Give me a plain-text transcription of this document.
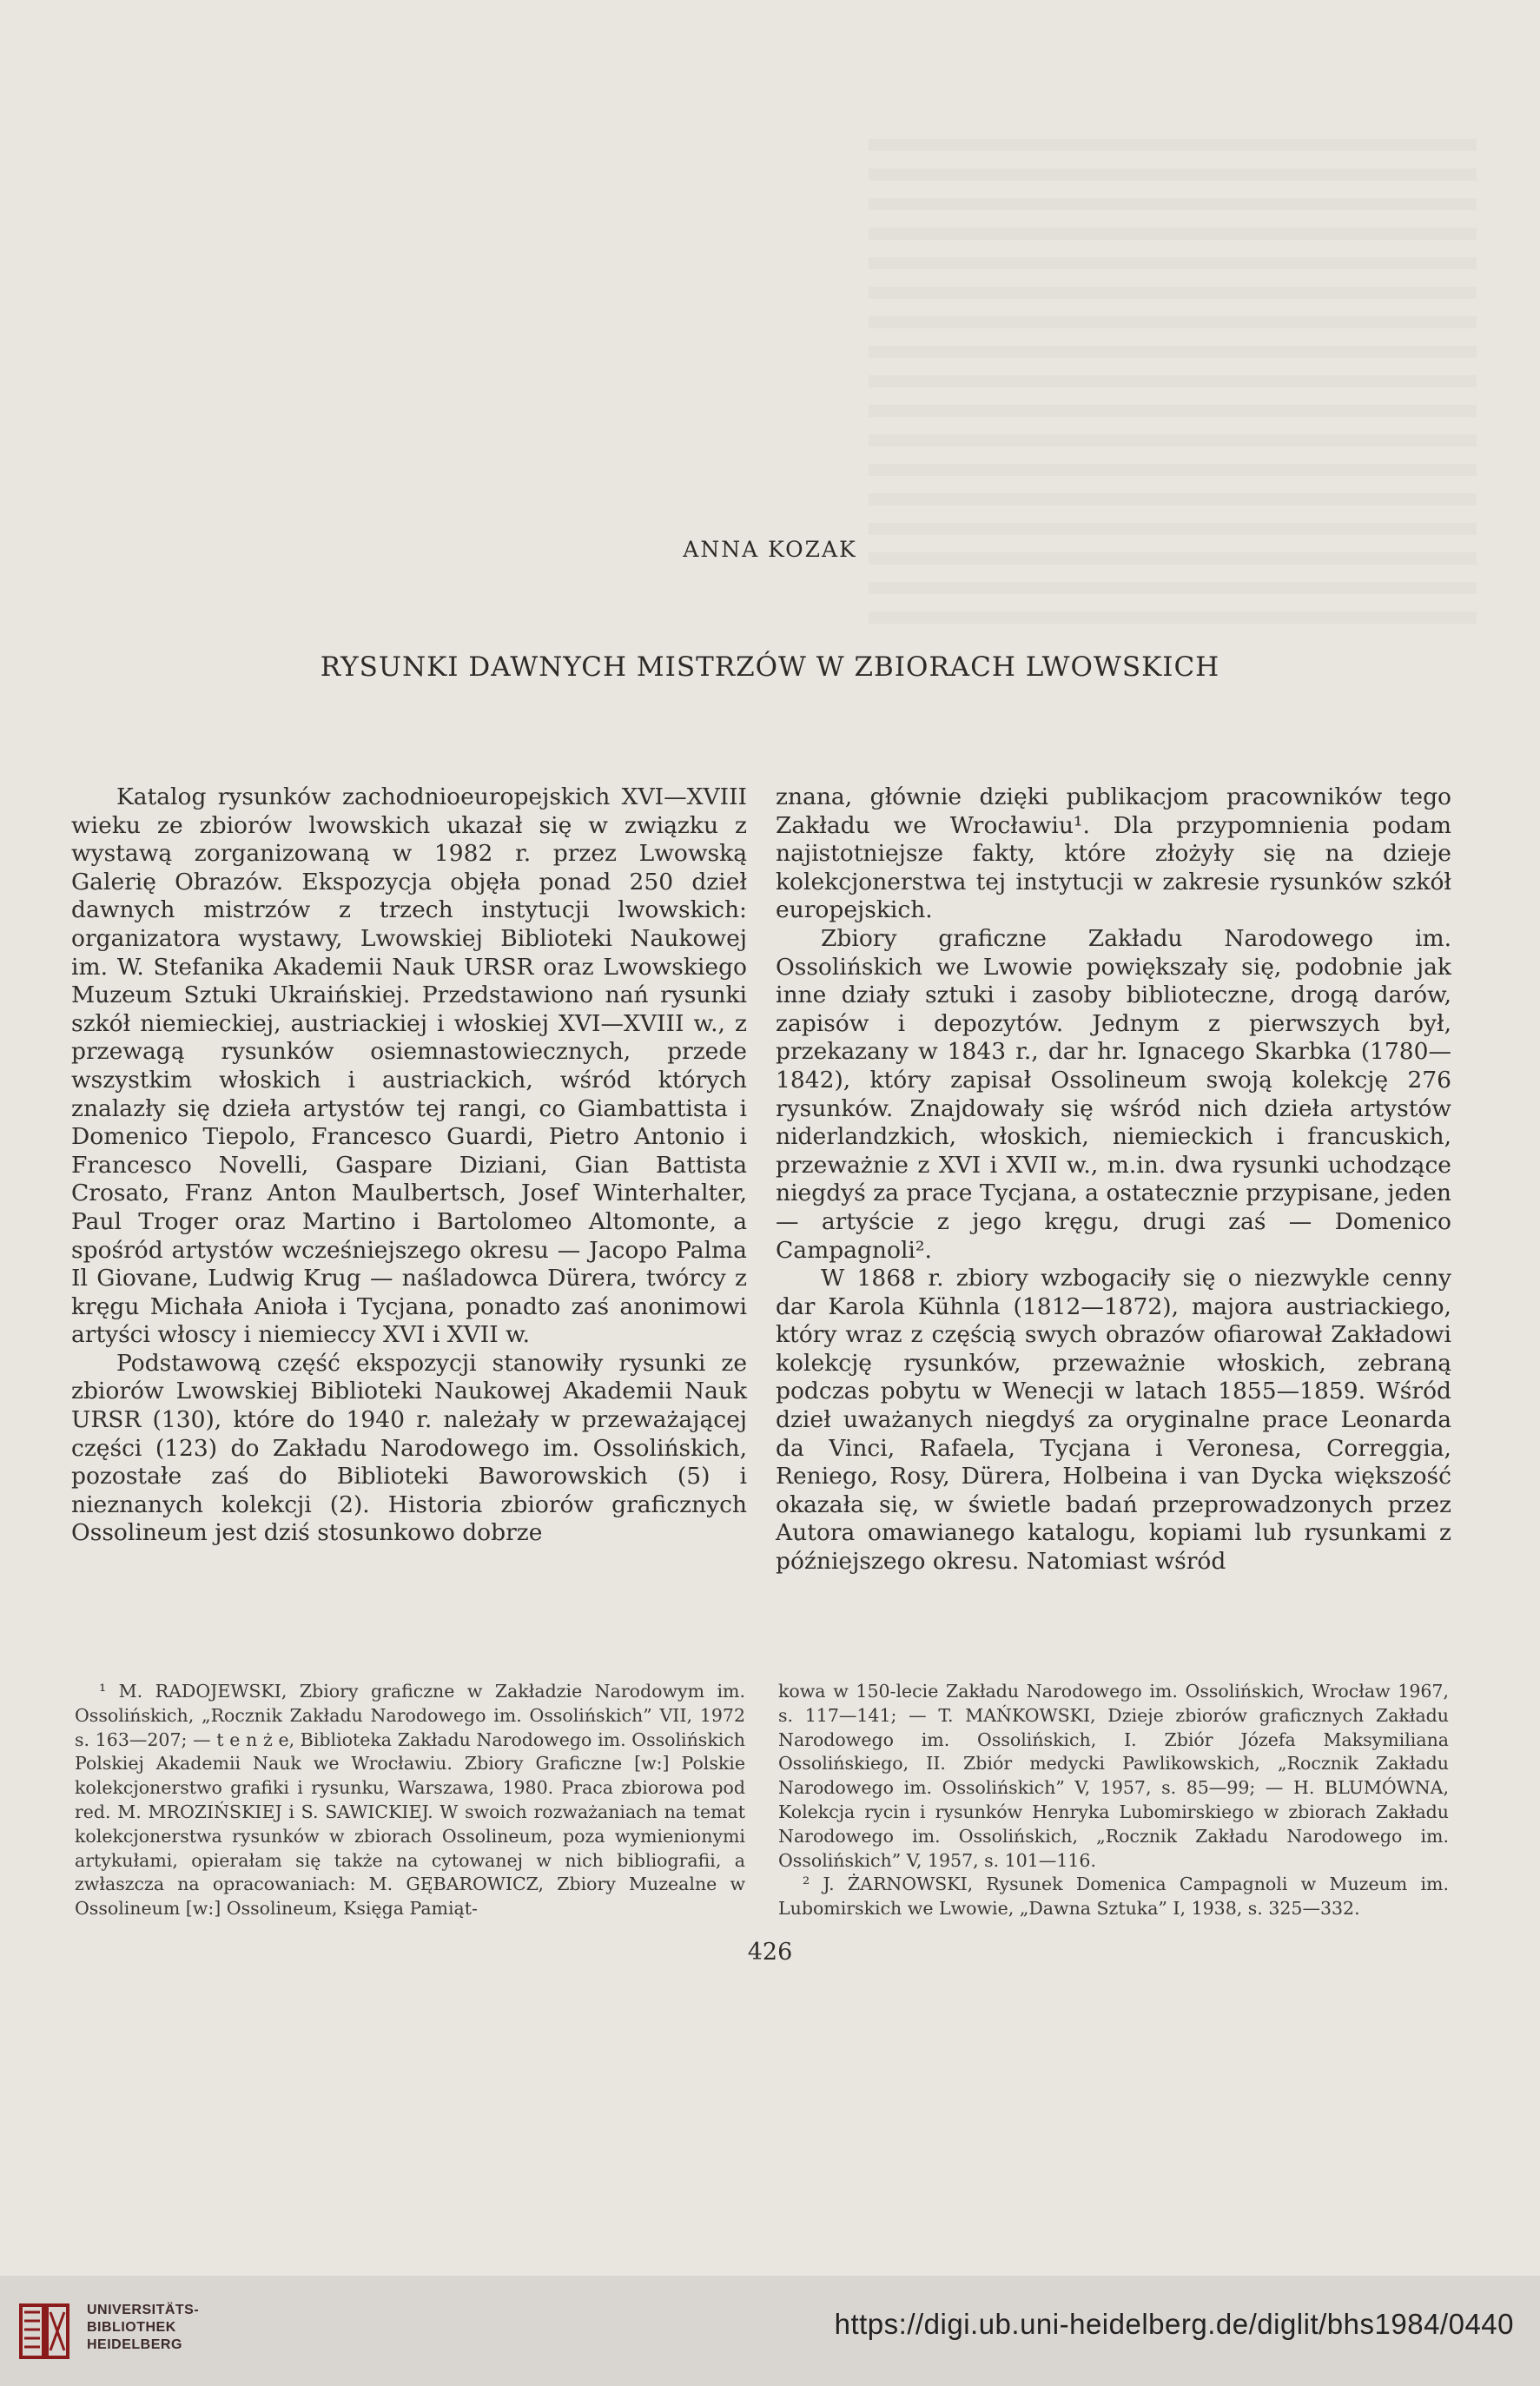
ANNA KOZAK
RYSUNKI DAWNYCH MISTRZÓW W ZBIORACH LWOWSKICH

Katalog rysunków zachodnioeuropejskich XVI—XVIII wieku ze zbiorów lwowskich ukazał się w związku z wystawą zorganizowaną w 1982 r. przez Lwowską Galerię Obrazów. Ekspozycja objęła ponad 250 dzieł dawnych mistrzów z trzech instytucji lwowskich: organizatora wystawy, Lwowskiej Biblioteki Naukowej im. W. Stefanika Akademii Nauk URSR oraz Lwowskiego Muzeum Sztuki Ukraińskiej. Przedstawiono nań rysunki szkół niemieckiej, austriackiej i włoskiej XVI—XVIII w., z przewagą rysunków osiemnastowiecznych, przede wszystkim włoskich i austriackich, wśród których znalazły się dzieła artystów tej rangi, co Giambattista i Domenico Tiepolo, Francesco Guardi, Pietro Antonio i Francesco Novelli, Gaspare Diziani, Gian Battista Crosato, Franz Anton Maulbertsch, Josef Winterhalter, Paul Troger oraz Martino i Bartolomeo Altomonte, a spośród artystów wcześniejszego okresu — Jacopo Palma Il Giovane, Ludwig Krug — naśladowca Dürera, twórcy z kręgu Michała Anioła i Tycjana, ponadto zaś anonimowi artyści włoscy i niemieccy XVI i XVII w.

Podstawową część ekspozycji stanowiły rysunki ze zbiorów Lwowskiej Biblioteki Naukowej Akademii Nauk URSR (130), które do 1940 r. należały w przeważającej części (123) do Zakładu Narodowego im. Ossolińskich, pozostałe zaś do Biblioteki Baworowskich (5) i nieznanych kolekcji (2). Historia zbiorów graficznych Ossolineum jest dziś stosunkowo dobrze

znana, głównie dzięki publikacjom pracowników tego Zakładu we Wrocławiu¹. Dla przypomnienia podam najistotniejsze fakty, które złożyły się na dzieje kolekcjonerstwa tej instytucji w zakresie rysunków szkół europejskich.

Zbiory graficzne Zakładu Narodowego im. Ossolińskich we Lwowie powiększały się, podobnie jak inne działy sztuki i zasoby biblioteczne, drogą darów, zapisów i depozytów. Jednym z pierwszych był, przekazany w 1843 r., dar hr. Ignacego Skarbka (1780—1842), który zapisał Ossolineum swoją kolekcję 276 rysunków. Znajdowały się wśród nich dzieła artystów niderlandzkich, włoskich, niemieckich i francuskich, przeważnie z XVI i XVII w., m.in. dwa rysunki uchodzące niegdyś za prace Tycjana, a ostatecznie przypisane, jeden — artyście z jego kręgu, drugi zaś — Domenico Campagnoli².

W 1868 r. zbiory wzbogaciły się o niezwykle cenny dar Karola Kühnla (1812—1872), majora austriackiego, który wraz z częścią swych obrazów ofiarował Zakładowi kolekcję rysunków, przeważnie włoskich, zebraną podczas pobytu w Wenecji w latach 1855—1859. Wśród dzieł uważanych niegdyś za oryginalne prace Leonarda da Vinci, Rafaela, Tycjana i Veronesa, Correggia, Reniego, Rosy, Dürera, Holbeina i van Dycka większość okazała się, w świetle badań przeprowadzonych przez Autora omawianego katalogu, kopiami lub rysunkami z późniejszego okresu. Natomiast wśród

¹ M. RADOJEWSKI, Zbiory graficzne w Zakładzie Narodowym im. Ossolińskich, „Rocznik Zakładu Narodowego im. Ossolińskich” VII, 1972 s. 163—207; — t e n ż e, Biblioteka Zakładu Narodowego im. Ossolińskich Polskiej Akademii Nauk we Wrocławiu. Zbiory Graficzne [w:] Polskie kolekcjonerstwo grafiki i rysunku, Warszawa, 1980. Praca zbiorowa pod red. M. MROZIŃSKIEJ i S. SAWICKIEJ. W swoich rozważaniach na temat kolekcjonerstwa rysunków w zbiorach Ossolineum, poza wymienionymi artykułami, opierałam się także na cytowanej w nich bibliografii, a zwłaszcza na opracowaniach: M. GĘBAROWICZ, Zbiory Muzealne w Ossolineum [w:] Ossolineum, Księga Pamiąt-

kowa w 150-lecie Zakładu Narodowego im. Ossolińskich, Wrocław 1967, s. 117—141; — T. MAŃKOWSKI, Dzieje zbiorów graficznych Zakładu Narodowego im. Ossolińskich, I. Zbiór Józefa Maksymiliana Ossolińskiego, II. Zbiór medycki Pawlikowskich, „Rocznik Zakładu Narodowego im. Ossolińskich” V, 1957, s. 85—99; — H. BLUMÓWNA, Kolekcja rycin i rysunków Henryka Lubomirskiego w zbiorach Zakładu Narodowego im. Ossolińskich, „Rocznik Zakładu Narodowego im. Ossolińskich” V, 1957, s. 101—116.

² J. ŻARNOWSKI, Rysunek Domenica Campagnoli w Muzeum im. Lubomirskich we Lwowie, „Dawna Sztuka” I, 1938, s. 325—332.

426
UNIVERSITÄTS-
BIBLIOTHEK
HEIDELBERG
https://digi.ub.uni-heidelberg.de/diglit/bhs1984/0440
